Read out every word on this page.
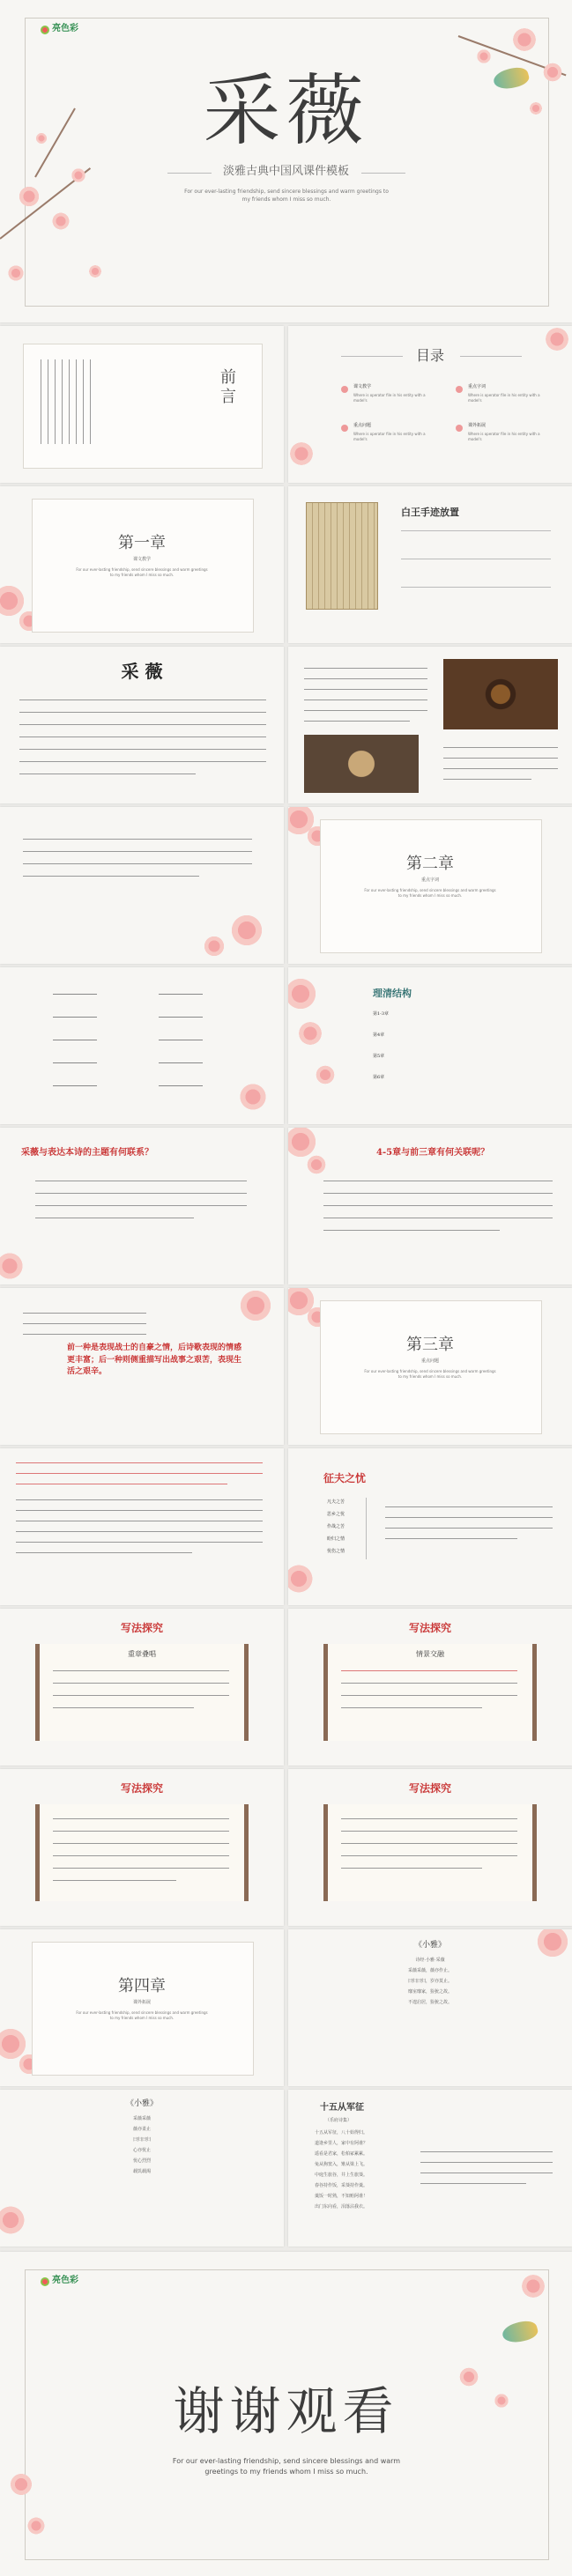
亮色彩
采薇
淡雅古典中国风课件模板
For our ever-lasting friendship, send sincere blessings and warm greetings to my friends whom I miss so much.
前言
目录
课文教学
Where is operator file in his entity with a model's
重点字词
Where is operator file in his entity with a model's
重点问题
Where is operator file in his entity with a model's
课外拓展
Where is operator file in his entity with a model's
第一章
课文教学
For our ever-lasting friendship, send sincere blessings and warm greetings to my friends whom I miss so much.
白王手迹放置
采 薇
第二章
重点字词
For our ever-lasting friendship, send sincere blessings and warm greetings to my friends whom I miss so much.
理清结构
第1-3章
第4章
第5章
第6章
采薇与表达本诗的主题有何联系？	4-5章与前三章有何关联呢？
前一种是表现战士的自豪之情，后诗歌表现的情感更丰富；后一种则侧重描写出战事之艰苦，表现生活之艰辛。
第三章
重点问题
For our ever-lasting friendship, send sincere blessings and warm greetings to my friends whom I miss so much.
征夫之忧
凡夫之苦
思乡之忧
作战之苦
盼归之情
忧伤之情
写法探究
重章叠唱
写法探究
情景交融
写法探究	写法探究
第四章
课外拓展
For our ever-lasting friendship, send sincere blessings and warm greetings to my friends whom I miss so much.
《小雅》
诗经·小雅·采薇
采薇采薇，薇亦作止。
曰归曰归，岁亦莫止。
靡室靡家，猃狁之故。
不遑启居，猃狁之故。
《小雅》
采薇采薇
薇亦柔止
曰归曰归
心亦忧止
忧心烈烈
载饥载渴
十五从军征
（乐府诗集）
十五从军征，八十始得归。
道逢乡里人，家中有阿谁？
遥看是君家，松柏冢累累。
兔从狗窦入，雉从梁上飞。
中庭生旅谷，井上生旅葵。
舂谷持作饭，采葵持作羹。
羹饭一时熟，不知贻阿谁！
出门东向看，泪落沾我衣。
亮色彩
谢谢观看
For our ever-lasting friendship, send sincere blessings and warm greetings to my friends whom I miss so much.
